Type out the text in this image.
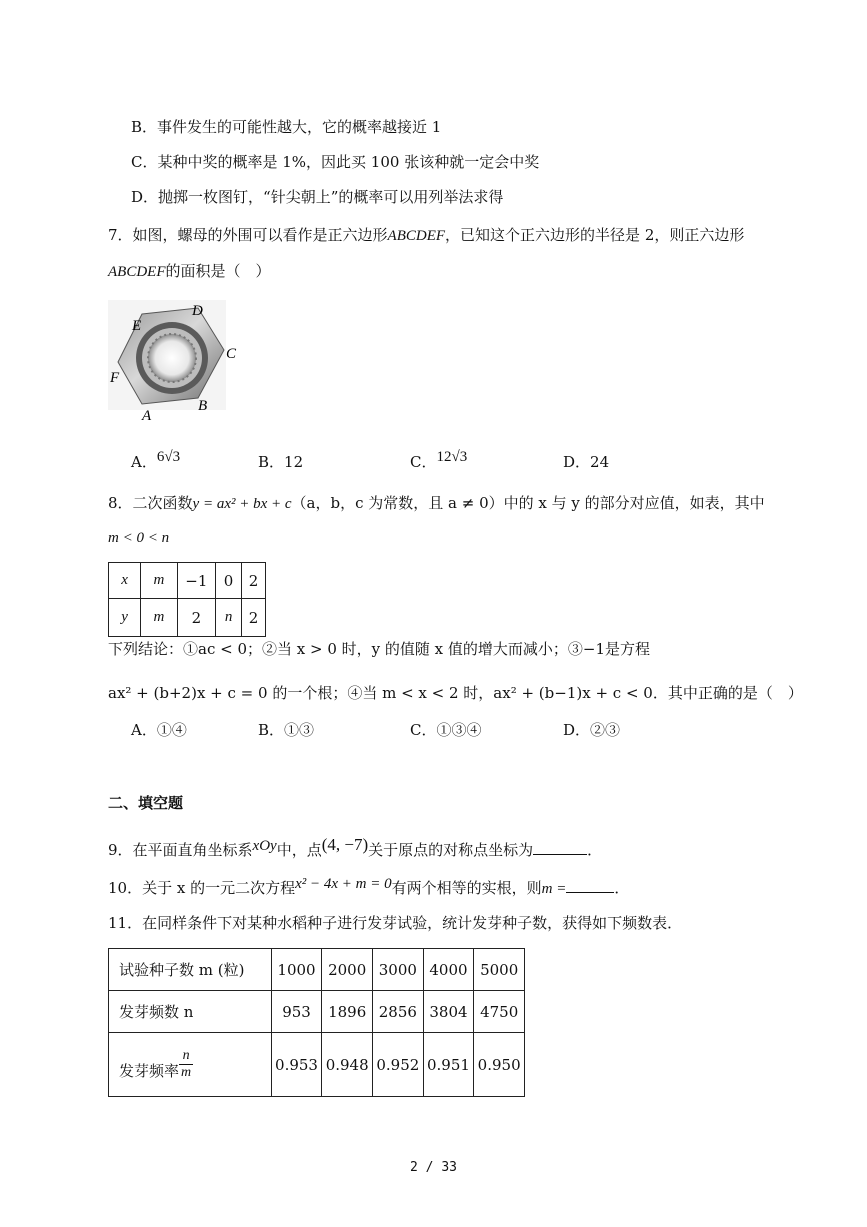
B．事件发生的可能性越大，它的概率越接近 1
C．某种中奖的概率是 1%，因此买 100 张该种就一定会中奖
D．抛掷一枚图钉，“针尖朝上”的概率可以用列举法求得
7．如图，螺母的外围可以看作是正六边形ABCDEF，已知这个正六边形的半径是 2，则正六边形
ABCDEF的面积是（　）
D
E
C
F
B
A
A．6√3	B．12	C．12√3	D．24
8．二次函数y = ax² + bx + c（a，b，c 为常数，且 a ≠ 0）中的 x 与 y 的部分对应值，如表，其中
m < 0 < n
x	m	−1	0	2
y	m	2	n	2
下列结论：①ac < 0；②当 x > 0 时，y 的值随 x 值的增大而减小；③−1是方程
ax² + (b+2)x + c = 0 的一个根；④当 m < x < 2 时，ax² + (b−1)x + c < 0．其中正确的是（　）
A．①④	B．①③	C．①③④	D．②③
二、填空题
9．在平面直角坐标系xOy中，点(4, −7)关于原点的对称点坐标为	．
10．关于 x 的一元二次方程x² − 4x + m = 0有两个相等的实根，则m =	．
11．在同样条件下对某种水稻种子进行发芽试验，统计发芽种子数，获得如下频数表．
试验种子数 m (粒)	1000	2000	3000	4000	5000
发芽频数 n	953	1896	2856	3804	4750
发芽频率 $\frac{n}{m}$	0.953	0.948	0.952	0.951	0.950
2 / 33
